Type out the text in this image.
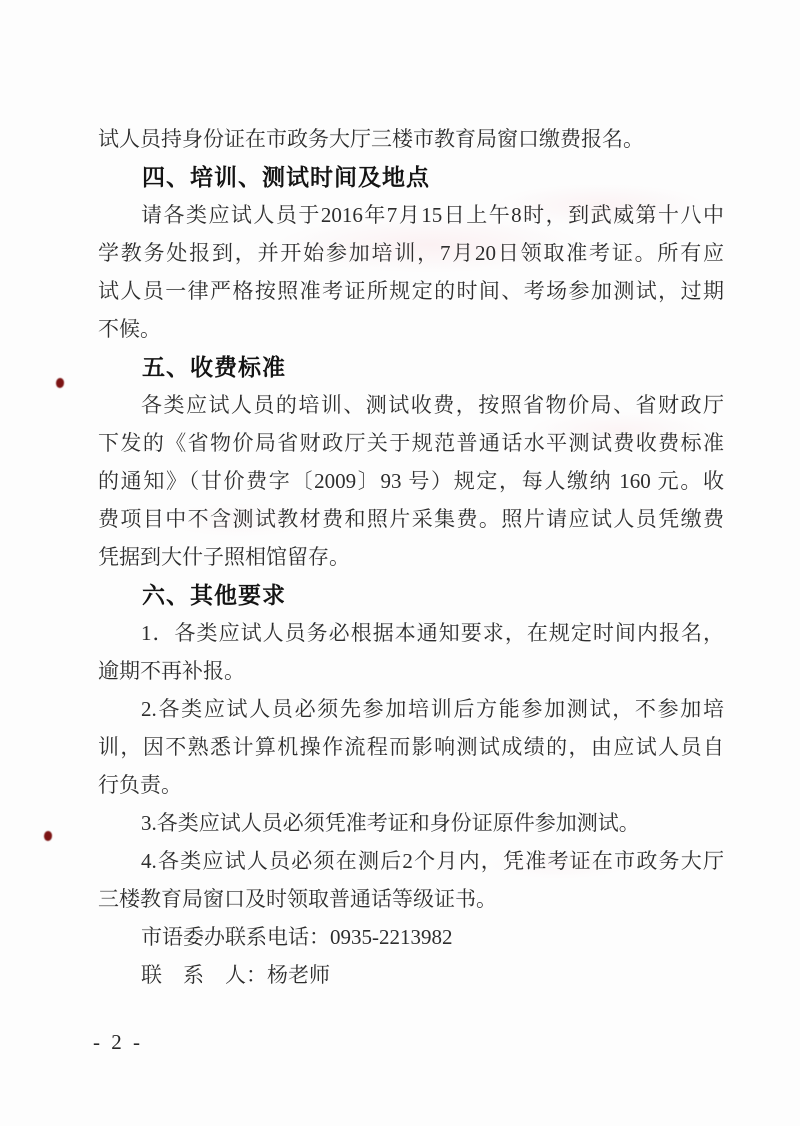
试人员持身份证在市政务大厅三楼市教育局窗口缴费报名。
四、培训、测试时间及地点
请各类应试人员于2016年7月15日上午8时，到武威第十八中
学教务处报到，并开始参加培训，7月20日领取准考证。所有应
试人员一律严格按照准考证所规定的时间、考场参加测试，过期
不候。
五、收费标准
各类应试人员的培训、测试收费，按照省物价局、省财政厅
下发的《省物价局省财政厅关于规范普通话水平测试费收费标准
的通知》（甘价费字〔2009〕93 号）规定，每人缴纳 160 元。收
费项目中不含测试教材费和照片采集费。照片请应试人员凭缴费
凭据到大什子照相馆留存。
六、其他要求
1．各类应试人员务必根据本通知要求，在规定时间内报名，
逾期不再补报。
2.各类应试人员必须先参加培训后方能参加测试，不参加培
训，因不熟悉计算机操作流程而影响测试成绩的，由应试人员自
行负责。
3.各类应试人员必须凭准考证和身份证原件参加测试。
4.各类应试人员必须在测后2个月内，凭准考证在市政务大厅
三楼教育局窗口及时领取普通话等级证书。
市语委办联系电话：0935-2213982
联　系　人：杨老师
- 2 -
